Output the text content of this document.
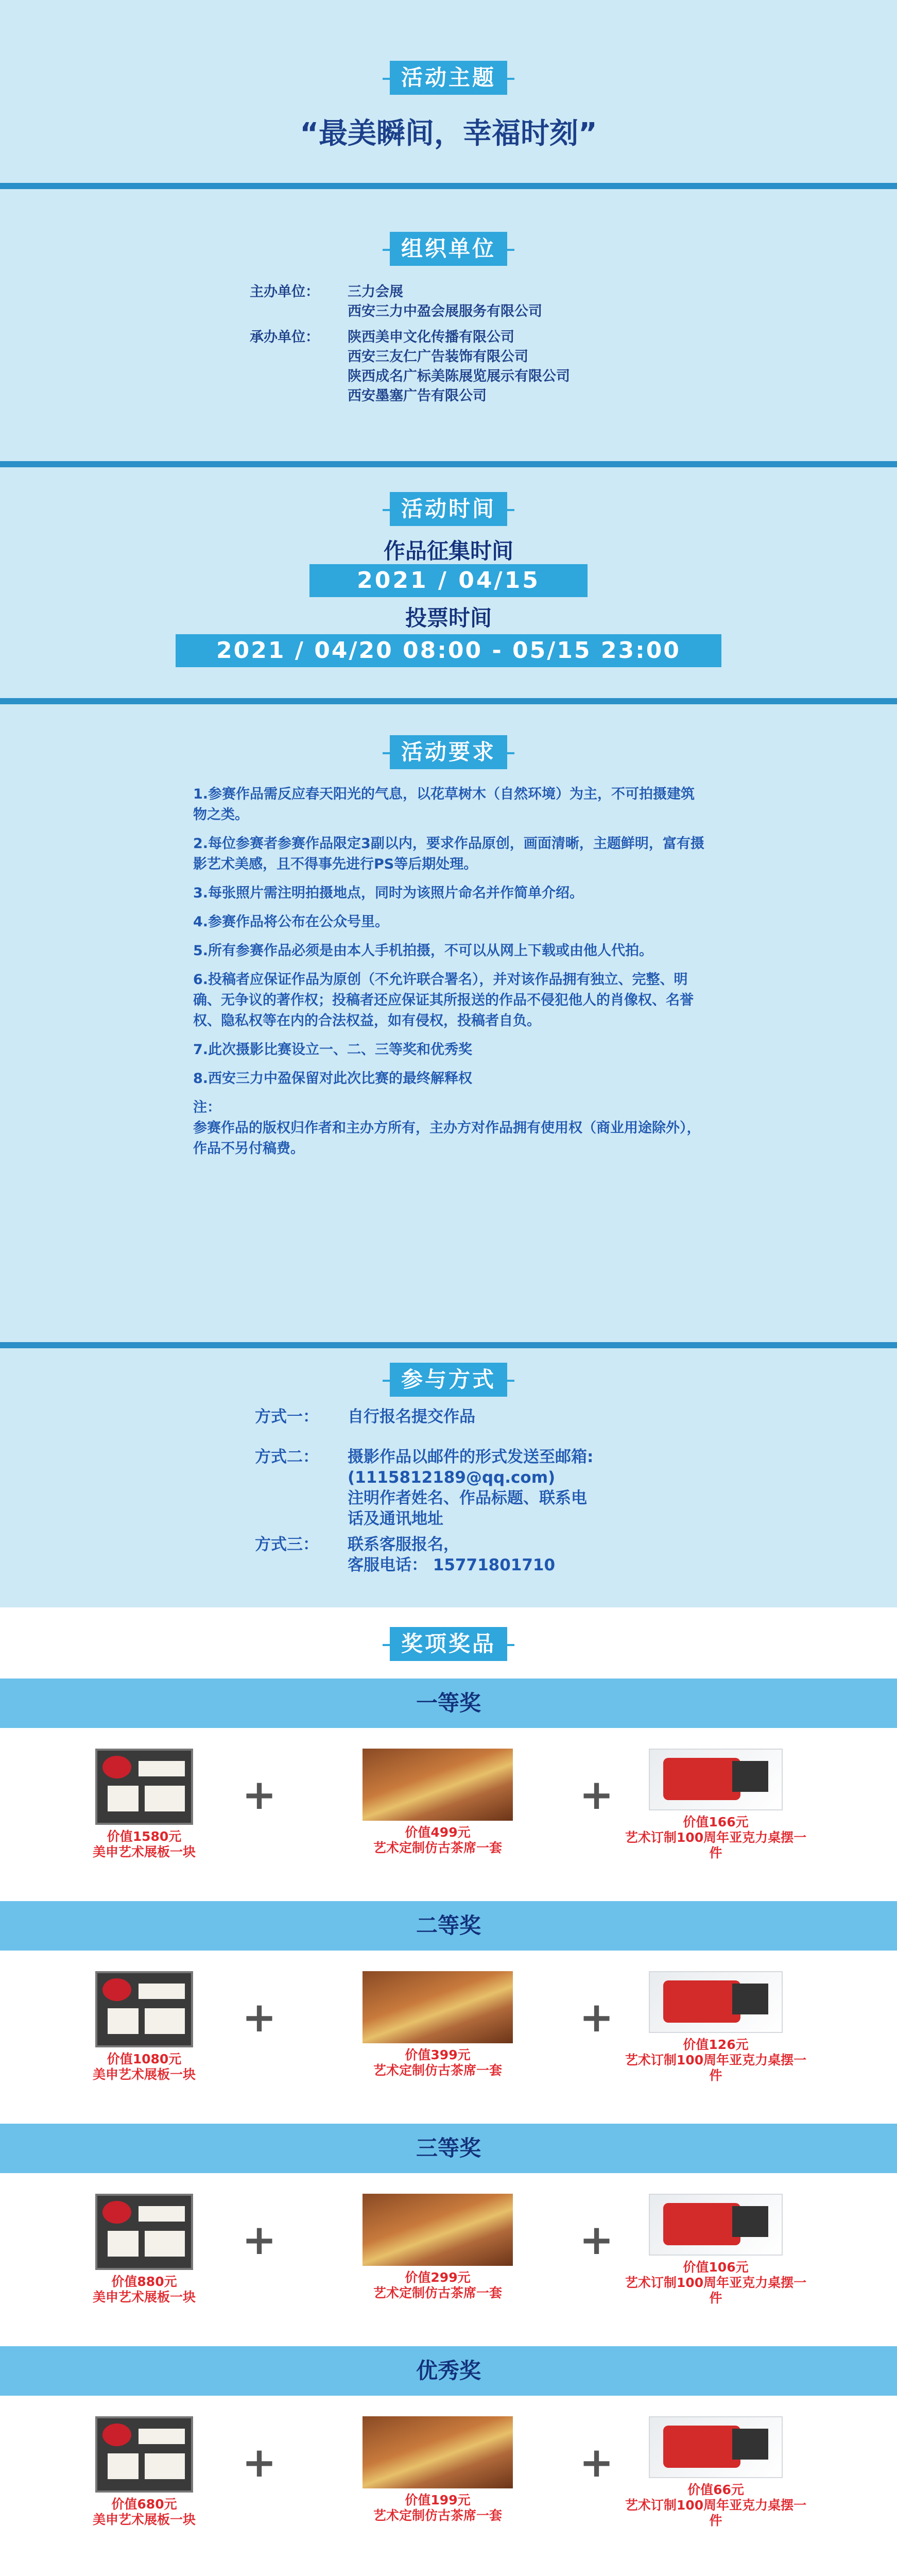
活动主题
“最美瞬间，幸福时刻”
组织单位
主办单位： 三力会展
西安三力中盈会展服务有限公司
承办单位： 陕西美申文化传播有限公司
西安三友仁广告装饰有限公司
陕西成名广标美陈展览展示有限公司
西安墨塞广告有限公司
活动时间
作品征集时间
2021 / 04/15
投票时间
2021 / 04/20 08:00 - 05/15 23:00
活动要求

1.参赛作品需反应春天阳光的气息，以花草树木（自然环境）为主，不可拍摄建筑物之类。

2.每位参赛者参赛作品限定3副以内，要求作品原创，画面清晰，主题鲜明，富有摄影艺术美感，且不得事先进行PS等后期处理。

3.每张照片需注明拍摄地点，同时为该照片命名并作简单介绍。

4.参赛作品将公布在公众号里。

5.所有参赛作品必须是由本人手机拍摄，不可以从网上下载或由他人代拍。

6.投稿者应保证作品为原创（不允许联合署名），并对该作品拥有独立、完整、明确、无争议的著作权；投稿者还应保证其所报送的作品不侵犯他人的肖像权、名誉权、隐私权等在内的合法权益，如有侵权，投稿者自负。

7.此次摄影比赛设立一、二、三等奖和优秀奖

8.西安三力中盈保留对此次比赛的最终解释权

注：
参赛作品的版权归作者和主办方所有，主办方对作品拥有使用权（商业用途除外），作品不另付稿费。
参与方式
方式一： 自行报名提交作品
方式二： 摄影作品以邮件的形式发送至邮箱:
(1115812189@qq.com)
注明作者姓名、作品标题、联系电
话及通讯地址
方式三： 联系客服报名，
客服电话： 15771801710
奖项奖品
一等奖
价值1580元
美申艺术展板一块
+
价值499元
艺术定制仿古茶席一套
+
价值166元
艺术订制100周年亚克力桌摆一件
二等奖
价值1080元
美申艺术展板一块
+
价值399元
艺术定制仿古茶席一套
+
价值126元
艺术订制100周年亚克力桌摆一件
三等奖
价值880元
美申艺术展板一块
+
价值299元
艺术定制仿古茶席一套
+
价值106元
艺术订制100周年亚克力桌摆一件
优秀奖
价值680元
美申艺术展板一块
+
价值199元
艺术定制仿古茶席一套
+
价值66元
艺术订制100周年亚克力桌摆一件
